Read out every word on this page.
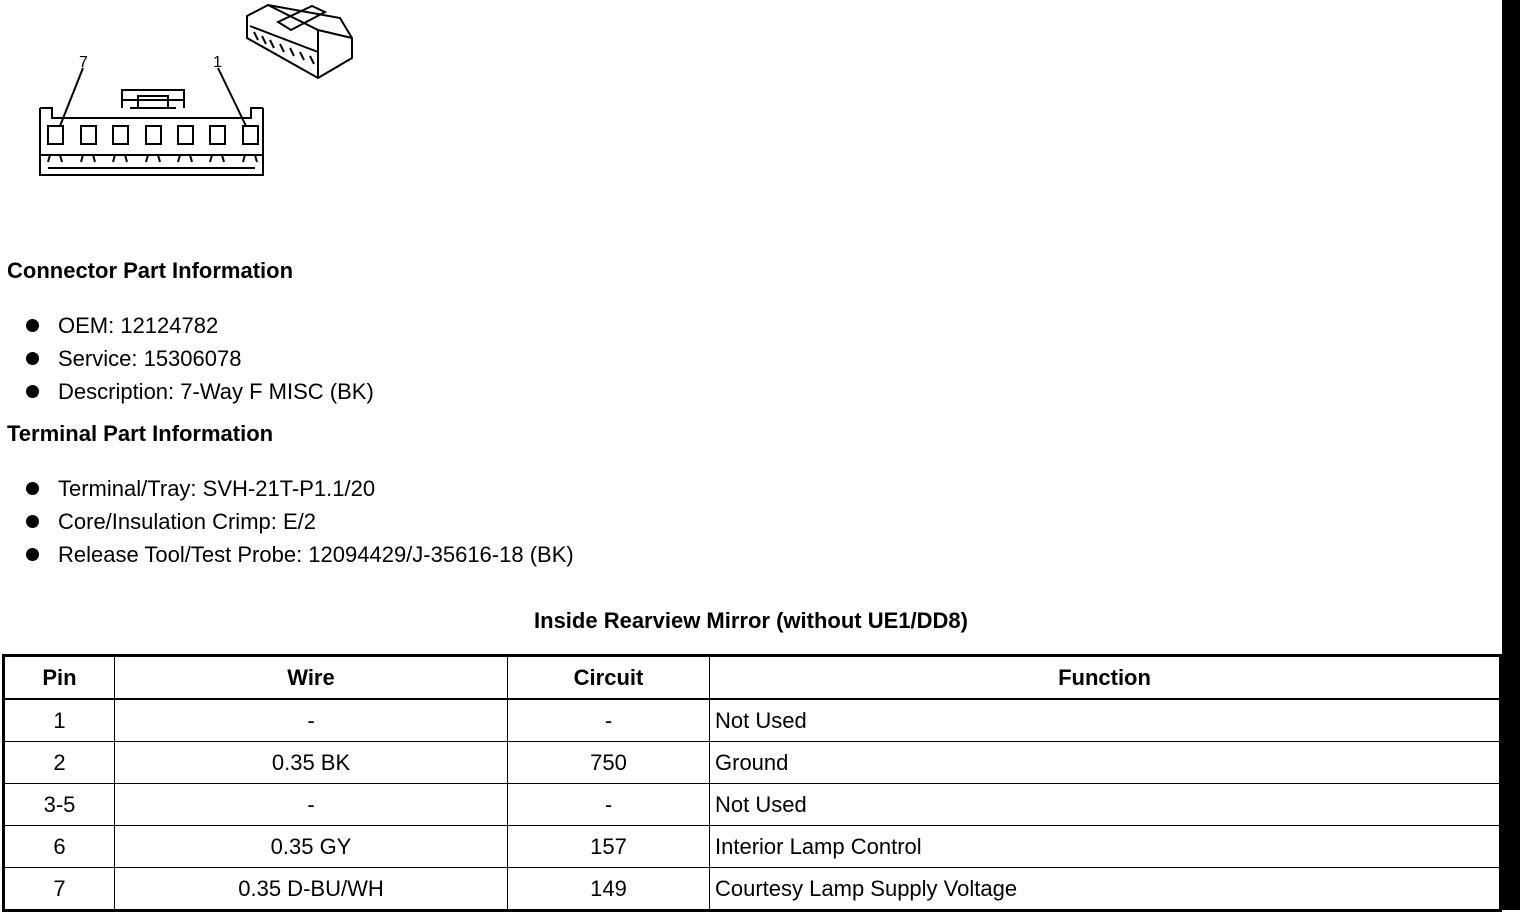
7	1
Connector Part Information
OEM: 12124782
Service: 15306078
Description: 7-Way F MISC (BK)
Terminal Part Information
Terminal/Tray: SVH-21T-P1.1/20
Core/Insulation Crimp: E/2
Release Tool/Test Probe: 12094429/J-35616-18 (BK)
Inside Rearview Mirror (without UE1/DD8)
Pin	Wire	Circuit	Function
1	-	-	Not Used
2	0.35 BK	750	Ground
3-5	-	-	Not Used
6	0.35 GY	157	Interior Lamp Control
7	0.35 D-BU/WH	149	Courtesy Lamp Supply Voltage
